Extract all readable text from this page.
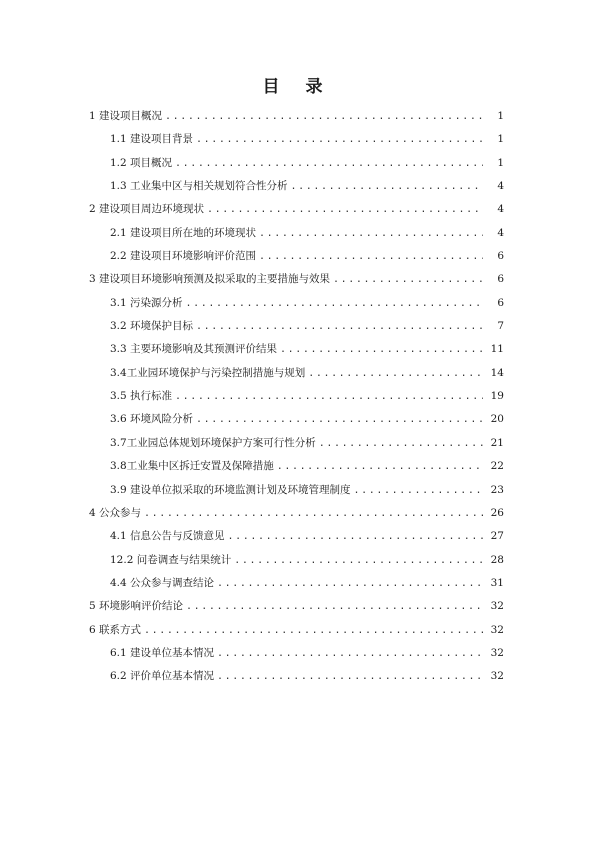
目 录
1 建设项目概况 .....	1
1.1 建设项目背景 .....	1
1.2 项目概况 .....	1
1.3 工业集中区与相关规划符合性分析 .....	4
2 建设项目周边环境现状 .....	4
2.1 建设项目所在地的环境现状 .....	4
2.2 建设项目环境影响评价范围 .....	6
3 建设项目环境影响预测及拟采取的主要措施与效果 .....	6
3.1 污染源分析 .....	6
3.2 环境保护目标 .....	7
3.3 主要环境影响及其预测评价结果 .....	11
3.4工业园环境保护与污染控制措施与规划 .....	14
3.5 执行标准 .....	19
3.6 环境风险分析 .....	20
3.7工业园总体规划环境保护方案可行性分析 .....	21
3.8工业集中区拆迁安置及保障措施 .....	22
3.9 建设单位拟采取的环境监测计划及环境管理制度 .....	23
4 公众参与 .....	26
4.1 信息公告与反馈意见 .....	27
12.2 问卷调查与结果统计 .....	28
4.4 公众参与调查结论 .....	31
5 环境影响评价结论 .....	32
6 联系方式 .....	32
6.1 建设单位基本情况 .....	32
6.2 评价单位基本情况 .....	32
